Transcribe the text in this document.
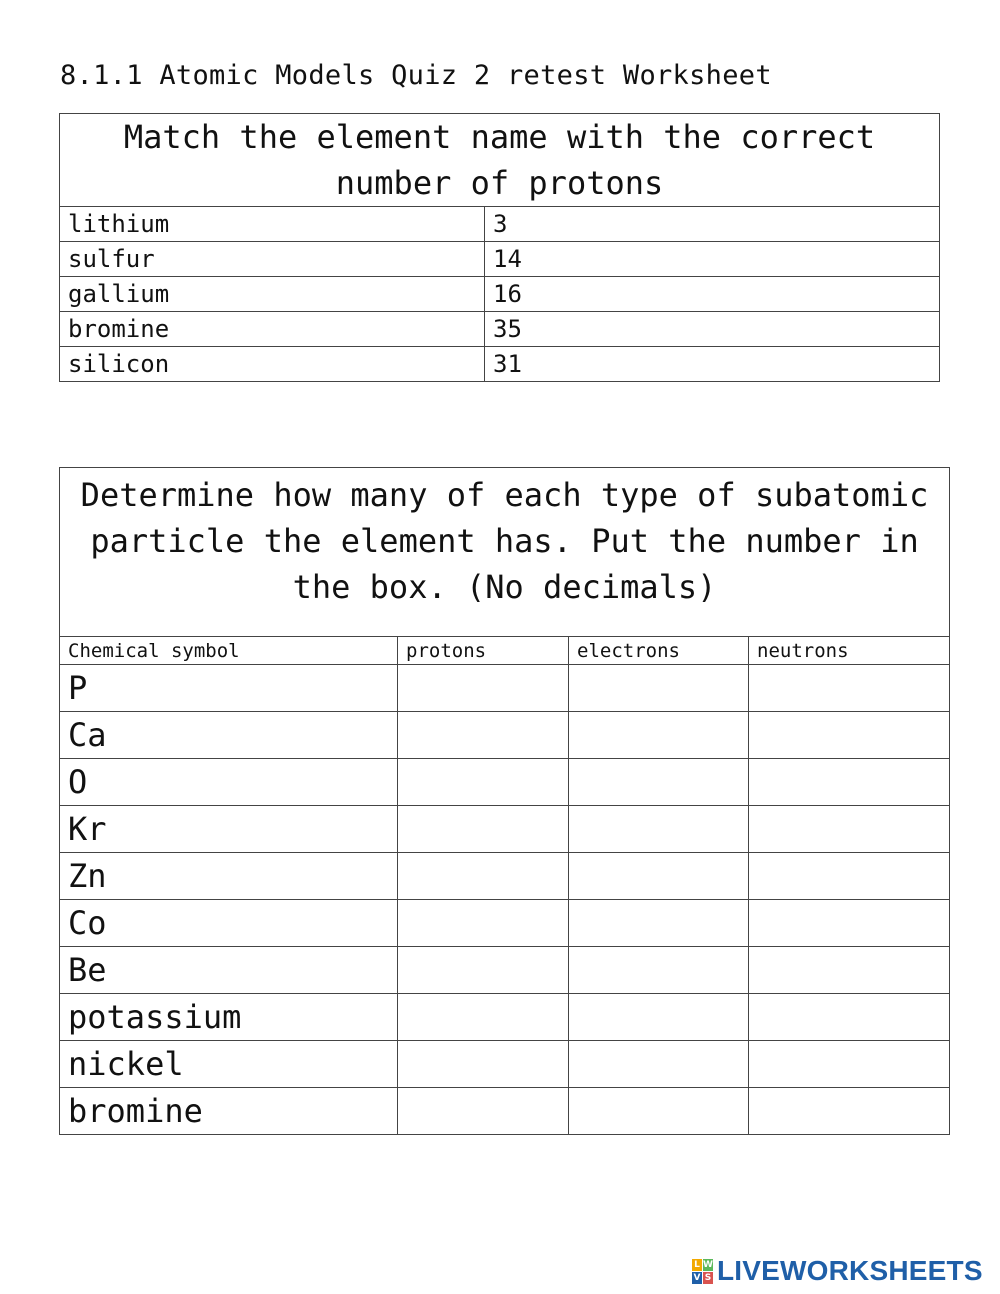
8.1.1 Atomic Models Quiz 2 retest Worksheet
Match the element name with the correct number of protons	
lithium	3
sulfur	14
gallium	16
bromine	35
silicon	31
Determine how many of each type of subatomic particle the element has. Put the number in the box. (No decimals)			
Chemical symbol	protons	electrons	neutrons
P			
Ca			
O			
Kr			
Zn			
Co			
Be			
potassium			
nickel			
bromine			
L W
V S LIVEWORKSHEETS
